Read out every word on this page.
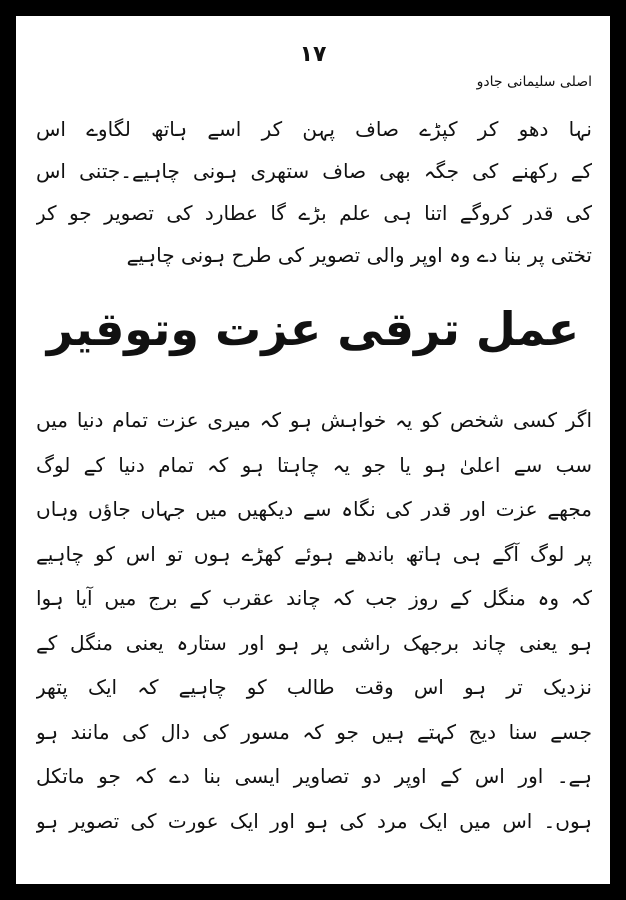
۱۷
اصلی سلیمانی جادو
نہا دھو کر کپڑے صاف پہن کر اسے ہاتھ لگاوے اس
کے رکھنے کی جگہ بھی صاف ستھری ہونی چاہیے۔جتنی اس
کی قدر کروگے اتنا ہی علم بڑے گا عطارد کی تصویر جو کر
تختی پر بنا دے وہ اوپر والی تصویر کی طرح ہونی چاہیے
عمل ترقی عزت وتوقیر
اگر کسی شخص کو یہ خواہش ہو کہ میری عزت تمام دنیا میں
سب سے اعلیٰ ہو یا جو یہ چاہتا ہو کہ تمام دنیا کے لوگ
مجھے عزت اور قدر کی نگاہ سے دیکھیں میں جہاں جاؤں وہاں
پر لوگ آگے ہی ہاتھ باندھے ہوئے کھڑے ہوں تو اس کو چاہیے
کہ وہ منگل کے روز جب کہ چاند عقرب کے برج میں آیا ہوا
ہو یعنی چاند برجھک راشی پر ہو اور ستارہ یعنی منگل کے
نزدیک تر ہو اس وقت طالب کو چاہیے کہ ایک پتھر
جسے سنا دیج کہتے ہیں جو کہ مسور کی دال کی مانند ہو
ہے۔ اور اس کے اوپر دو تصاویر ایسی بنا دے کہ جو ماتکل
ہوں۔ اس میں ایک مرد کی ہو اور ایک عورت کی تصویر ہو
